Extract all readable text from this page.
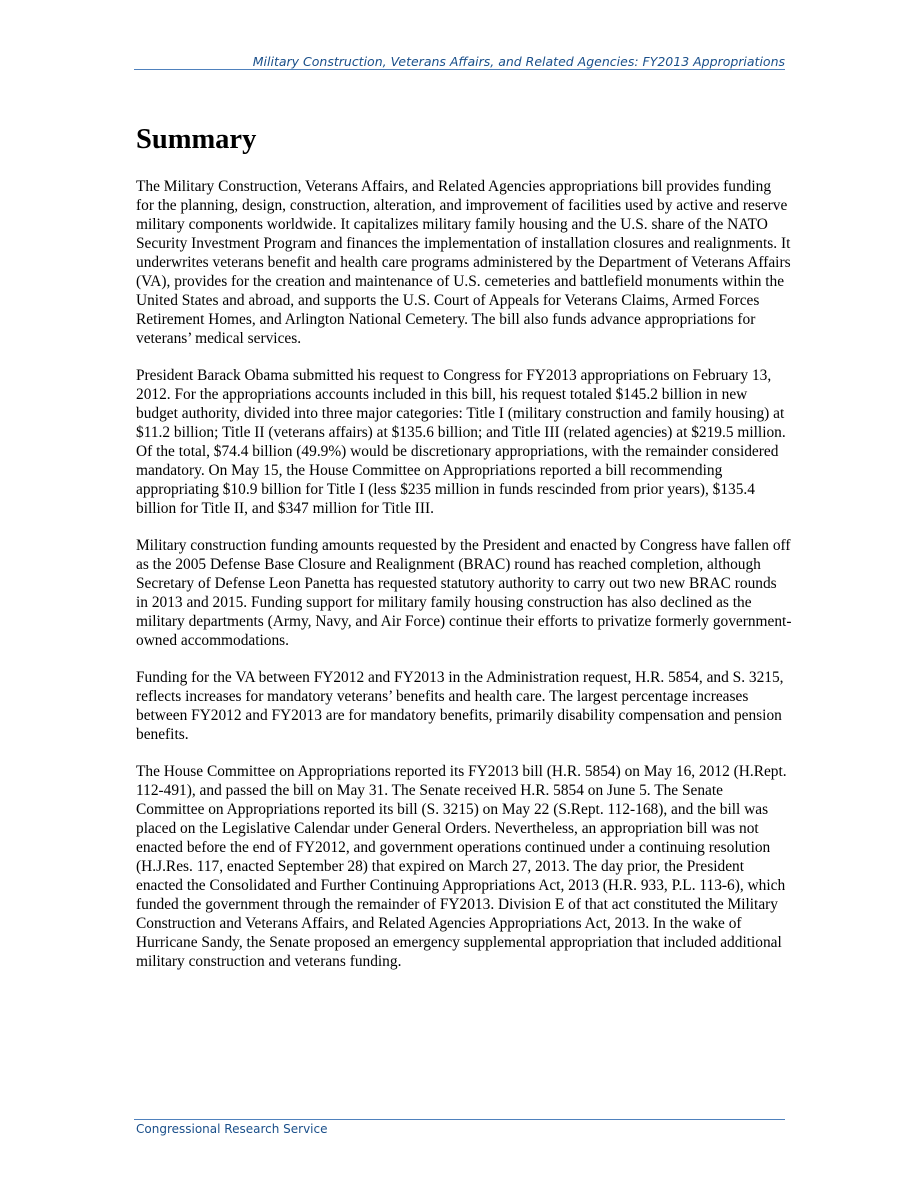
Military Construction, Veterans Affairs, and Related Agencies: FY2013 Appropriations
Summary

The Military Construction, Veterans Affairs, and Related Agencies appropriations bill provides funding for the planning, design, construction, alteration, and improvement of facilities used by active and reserve military components worldwide. It capitalizes military family housing and the U.S. share of the NATO Security Investment Program and finances the implementation of installation closures and realignments. It underwrites veterans benefit and health care programs administered by the Department of Veterans Affairs (VA), provides for the creation and maintenance of U.S. cemeteries and battlefield monuments within the United States and abroad, and supports the U.S. Court of Appeals for Veterans Claims, Armed Forces Retirement Homes, and Arlington National Cemetery. The bill also funds advance appropriations for veterans’ medical services.

President Barack Obama submitted his request to Congress for FY2013 appropriations on February 13, 2012. For the appropriations accounts included in this bill, his request totaled $145.2 billion in new budget authority, divided into three major categories: Title I (military construction and family housing) at $11.2 billion; Title II (veterans affairs) at $135.6 billion; and Title III (related agencies) at $219.5 million. Of the total, $74.4 billion (49.9%) would be discretionary appropriations, with the remainder considered mandatory. On May 15, the House Committee on Appropriations reported a bill recommending appropriating $10.9 billion for Title I (less $235 million in funds rescinded from prior years), $135.4 billion for Title II, and $347 million for Title III.

Military construction funding amounts requested by the President and enacted by Congress have fallen off as the 2005 Defense Base Closure and Realignment (BRAC) round has reached completion, although Secretary of Defense Leon Panetta has requested statutory authority to carry out two new BRAC rounds in 2013 and 2015. Funding support for military family housing construction has also declined as the military departments (Army, Navy, and Air Force) continue their efforts to privatize formerly government-owned accommodations.

Funding for the VA between FY2012 and FY2013 in the Administration request, H.R. 5854, and S. 3215, reflects increases for mandatory veterans’ benefits and health care. The largest percentage increases between FY2012 and FY2013 are for mandatory benefits, primarily disability compensation and pension benefits.

The House Committee on Appropriations reported its FY2013 bill (H.R. 5854) on May 16, 2012 (H.Rept. 112-491), and passed the bill on May 31. The Senate received H.R. 5854 on June 5. The Senate Committee on Appropriations reported its bill (S. 3215) on May 22 (S.Rept. 112-168), and the bill was placed on the Legislative Calendar under General Orders. Nevertheless, an appropriation bill was not enacted before the end of FY2012, and government operations continued under a continuing resolution (H.J.Res. 117, enacted September 28) that expired on March 27, 2013. The day prior, the President enacted the Consolidated and Further Continuing Appropriations Act, 2013 (H.R. 933, P.L. 113-6), which funded the government through the remainder of FY2013. Division E of that act constituted the Military Construction and Veterans Affairs, and Related Agencies Appropriations Act, 2013. In the wake of Hurricane Sandy, the Senate proposed an emergency supplemental appropriation that included additional military construction and veterans funding.

Congressional Research Service
